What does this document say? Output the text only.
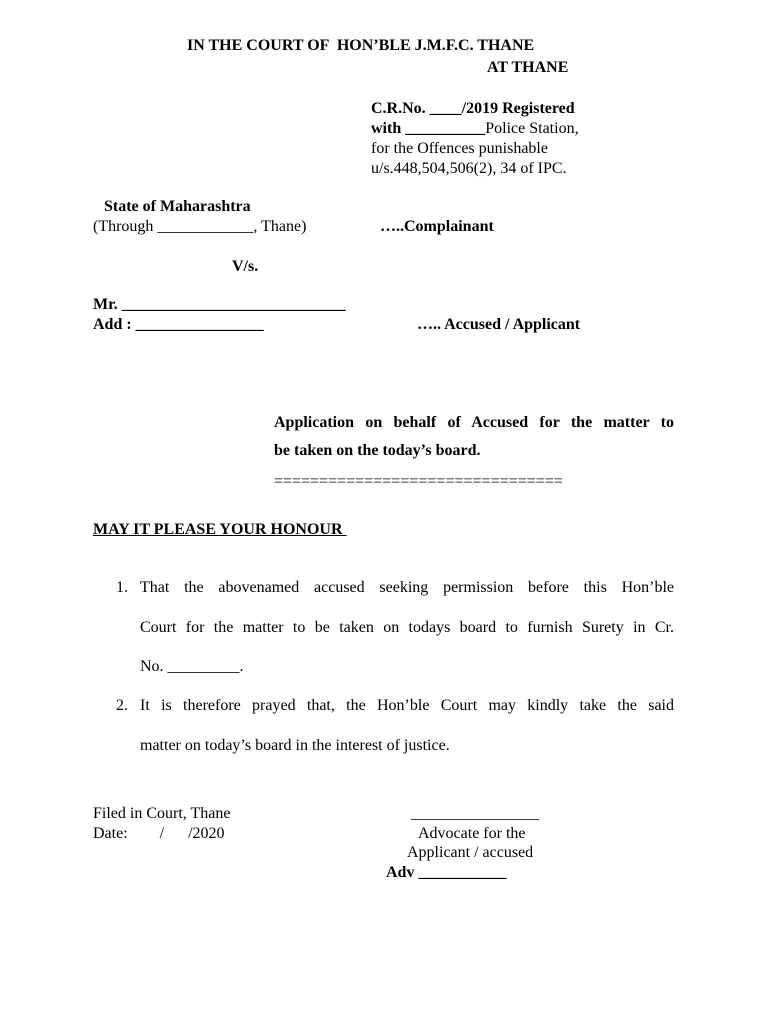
IN THE COURT OF  HON’BLE J.M.F.C. THANE
AT THANE
C.R.No. ____/2019 Registered
with __________Police Station,
for the Offences punishable
u/s.448,504,506(2), 34 of IPC.
State of Maharashtra
(Through ____________, Thane)	…..Complainant
V/s.
Mr. ____________________________
Add : ________________	….. Accused / Applicant
Application on behalf of Accused for the matter to
be taken on the today’s board.
================================
MAY IT PLEASE YOUR HONOUR
1. That the abovenamed accused seeking permission before this Hon’ble
Court for the matter to be taken on todays board to furnish Surety in Cr.
No. _________.
2. It is therefore prayed that, the Hon’ble Court may kindly take the said
matter on today’s board in the interest of justice.
Filed in Court, Thane
Date:        /      /2020
________________
Advocate for the
Applicant / accused
Adv ___________
